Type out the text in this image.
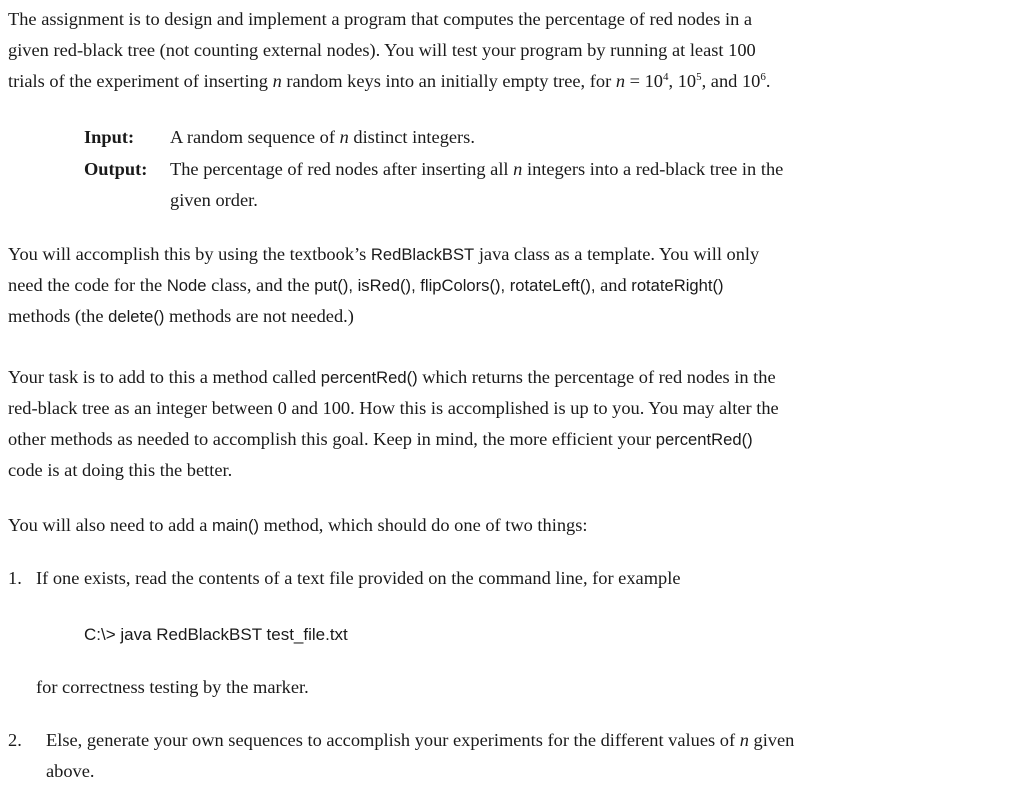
The assignment is to design and implement a program that computes the percentage of red nodes in a

given red-black tree (not counting external nodes). You will test your program by running at least 100

trials of the experiment of inserting n random keys into an initially empty tree, for $n = 10^4$, $10^5$, and $10^6$.

Input: A random sequence of n distinct integers.

Output: The percentage of red nodes after inserting all n integers into a red-black tree in the

given order.

You will accomplish this by using the textbook’s RedBlackBST java class as a template. You will only

need the code for the Node class, and the put(), isRed(), flipColors(), rotateLeft(), and rotateRight()

methods (the delete() methods are not needed.)

Your task is to add to this a method called percentRed() which returns the percentage of red nodes in the

red-black tree as an integer between 0 and 100. How this is accomplished is up to you. You may alter the

other methods as needed to accomplish this goal. Keep in mind, the more efficient your percentRed()

code is at doing this the better.

You will also need to add a main() method, which should do one of two things:

1. If one exists, read the contents of a text file provided on the command line, for example

C:\> java RedBlackBST test_file.txt

for correctness testing by the marker.

2. Else, generate your own sequences to accomplish your experiments for the different values of n given

above.
